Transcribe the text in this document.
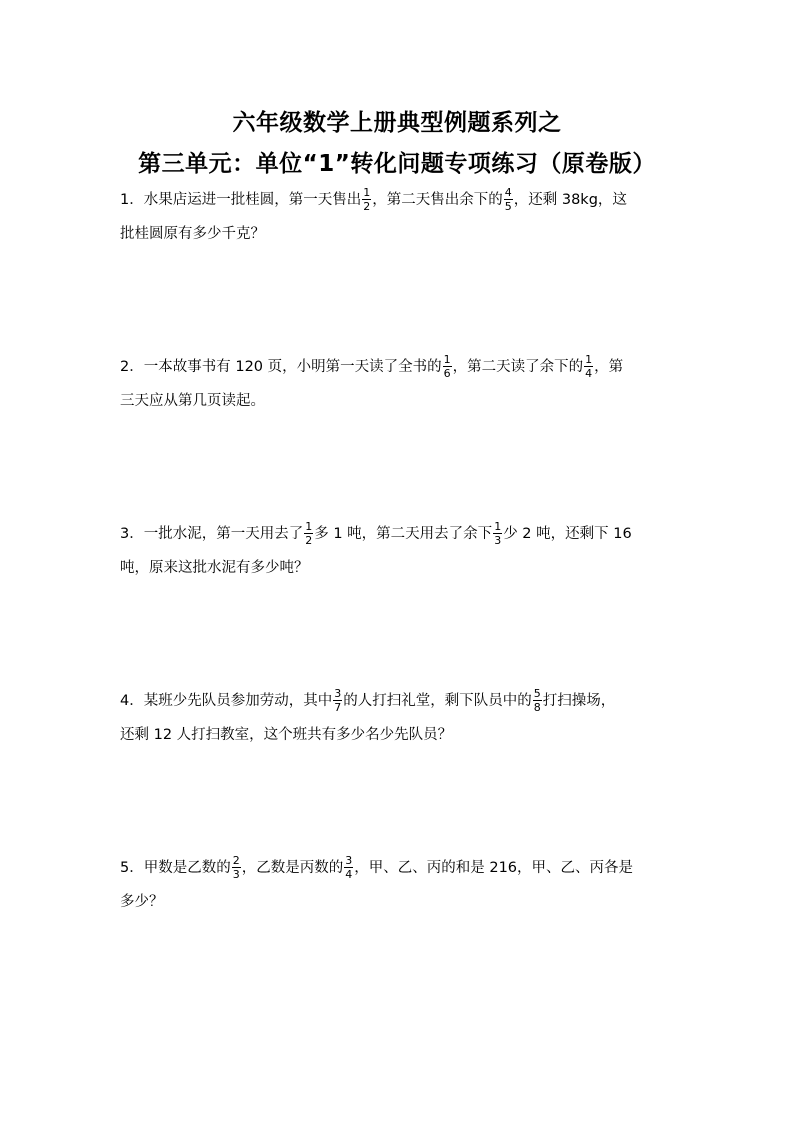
六年级数学上册典型例题系列之
第三单元：单位“1”转化问题专项练习（原卷版）
1．水果店运进一批桂圆，第一天售出 $\frac{1}{2}$ ，第二天售出余下的 $\frac{4}{5}$ ，还剩 38kg，这
批桂圆原有多少千克？
2．一本故事书有 120 页，小明第一天读了全书的 $\frac{1}{6}$ ，第二天读了余下的 $\frac{1}{4}$ ，第
三天应从第几页读起。
3．一批水泥，第一天用去了 $\frac{1}{2}$ 多 1 吨，第二天用去了余下 $\frac{1}{3}$ 少 2 吨，还剩下 16
吨，原来这批水泥有多少吨？
4．某班少先队员参加劳动，其中 $\frac{3}{7}$ 的人打扫礼堂，剩下队员中的 $\frac{5}{8}$ 打扫操场，
还剩 12 人打扫教室，这个班共有多少名少先队员？
5．甲数是乙数的 $\frac{2}{3}$ ，乙数是丙数的 $\frac{3}{4}$ ，甲、乙、丙的和是 216，甲、乙、丙各是
多少？
